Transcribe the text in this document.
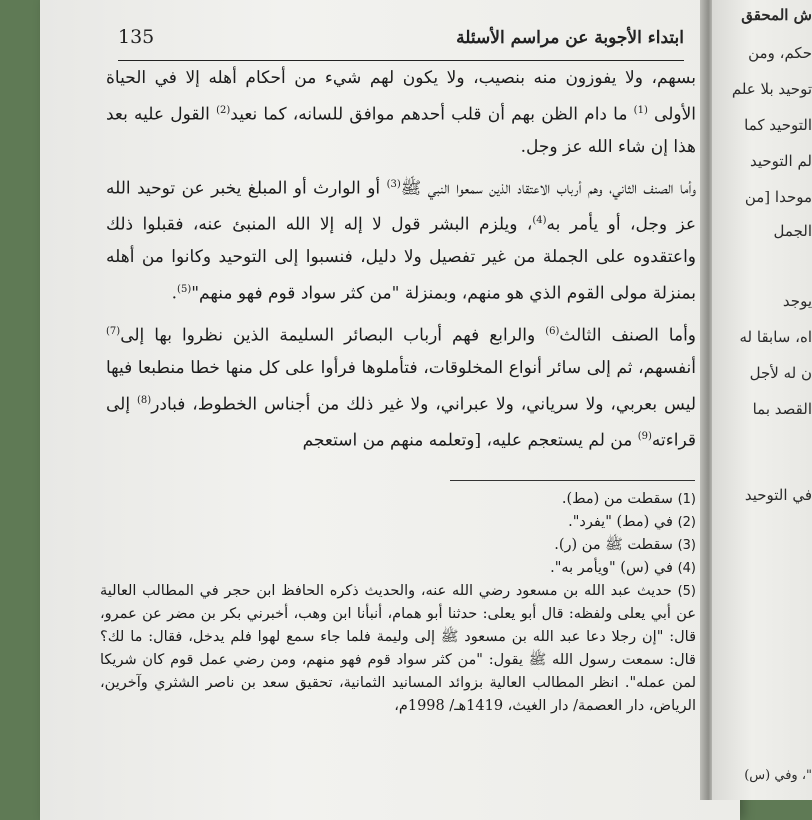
ش المحقق
حكم، ومن
توحيد بلا علم
التوحيد كما
لم التوحيد
موحدا [من
الجمل
يوجد
اه، سابقا له
ن له لأجل
القصد بما
في التوحيد
"، وفي (س)
135	ابتداء الأجوبة عن مراسم الأسئلة

بسهم، ولا يفوزون منه بنصيب، ولا يكون لهم شيء من أحكام أهله إلا في الحياة الأولى $^{(1)}$ ما دام الظن بهم أن قلب أحدهم موافق للسانه، كما نعيد$^{(2)}$ القول عليه بعد هذا إن شاء الله عز وجل.

وأما الصنف الثاني، وهم أرباب الاعتقاد الذين سمعوا النبي ﷺ$^{(3)}$ أو الوارث أو المبلغ يخبر عن توحيد الله عز وجل، أو يأمر به$^{(4)}$، ويلزم البشر قول لا إله إلا الله المنبئ عنه، فقبلوا ذلك واعتقدوه على الجملة من غير تفصيل ولا دليل، فنسبوا إلى التوحيد وكانوا من أهله بمنزلة مولى القوم الذي هو منهم، وبمنزلة "من كثر سواد قوم فهو منهم"$^{(5)}$.

وأما الصنف الثالث$^{(6)}$ والرابع فهم أرباب البصائر السليمة الذين نظروا بها إلى$^{(7)}$ أنفسهم، ثم إلى سائر أنواع المخلوقات، فتأملوها فرأوا على كل منها خطا منطبعا فيها ليس بعربي، ولا سرياني، ولا عبراني، ولا غير ذلك من أجناس الخطوط، فبادر$^{(8)}$ إلى قراءته$^{(9)}$ من لم يستعجم عليه، [وتعلمه منهم من استعجم

(1) سقطت من (مط).

(2) في (مط) "يفرد".

(3) سقطت ﷺ من (ر).

(4) في (س) "ويأمر به".

(5) حديث عبد الله بن مسعود رضي الله عنه، والحديث ذكره الحافظ ابن حجر في المطالب العالية عن أبي يعلى ولفظه: قال أبو يعلى: حدثنا أبو همام، أنبأنا ابن وهب، أخبرني بكر بن مضر عن عمرو، قال: "إن رجلا دعا عبد الله بن مسعود ﷺ إلى وليمة فلما جاء سمع لهوا فلم يدخل، فقال: ما لك؟ قال: سمعت رسول الله ﷺ يقول: "من كثر سواد قوم فهو منهم، ومن رضي عمل قوم كان شريكا لمن عمله". انظر المطالب العالية بزوائد المسانيد الثمانية، تحقيق سعد بن ناصر الشثري وآخرين، الرياض، دار العصمة/ دار الغيث، 1419هـ/ 1998م،
